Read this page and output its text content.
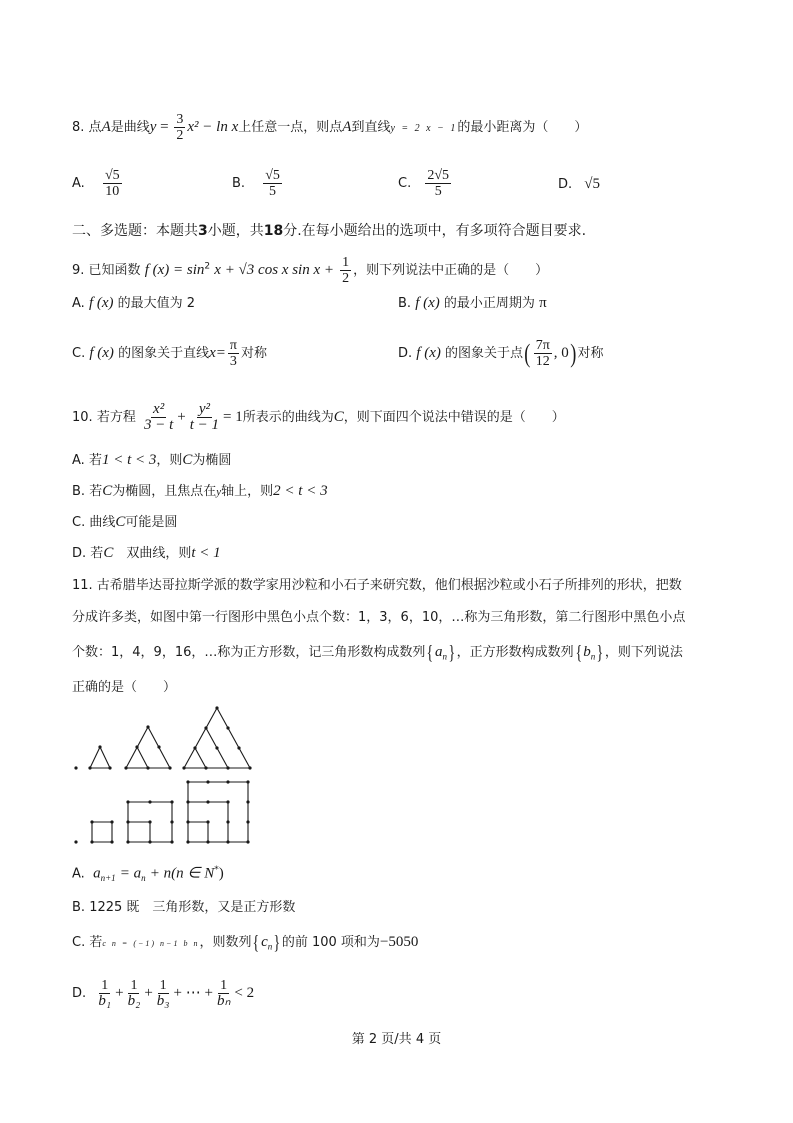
8. 点A是曲线$y = \frac{3}{2} x^2 - \ln x$上任意一点，则点A到直线y = 2 x − 1的最小距离为（　　）
A. $\frac{√5}{10}$	B. $\frac{√5}{5}$	C. $\frac{2√5}{5}$	D. √5
二、多选题：本题共3小题，共18分.在每小题给出的选项中，有多项符合题目要求.
9. 已知函数 f $(x) = \sin^2 x + √3$ cos x $\sin x + \frac{1}{2}$ ，则下列说法中正确的是（　　）
A. f (x) 的最大值为 2	B. f (x) 的最小正周期为 π
C. f (x) 的图象关于直线$x= \frac{\pi}{3}$ 对称	D. f (x) 的图象关于点( $\frac{7\pi}{12}$ , 0)对称
10. 若方程 $\frac{\text{x²}}{3 - t} + \frac{\text{y²}}{t - 1} = 1$所表示的曲线为C，则下面四个说法中错误的是（　　）
A. 若1 < t < 3，则C为椭圆
B. 若C为椭圆，且焦点在y轴上，则2 < t < 3
C. 曲线C可能是圆
D. 若C　双曲线，则t < 1
11. 古希腊毕达哥拉斯学派的数学家用沙粒和小石子来研究数，他们根据沙粒或小石子所排列的形状，把数
分成许多类，如图中第一行图形中黑色小点个数：1，3，6，10，…称为三角形数，第二行图形中黑色小点
个数：1，4，9，16，…称为正方形数，记三角形数构成数列$\{a_n\}$，正方形数构成数列$\{b_n\}$，则下列说法
正确的是（　　）
A. $a_{n+1} = a_n + n(n$ ∈ N*)
B. 1225 既　三角形数，又是正方形数
C. 若c n = (−1) n−1 b n，则数列$\{c_n\}$的前 100 项和为−5050
D. $\frac{1}{\text{b₁}} + \frac{1}{\text{b₂}} + \frac{1}{\text{b₃}}$ + ⋯ + $\frac{1}{\text{bₙ}} < 2$
第 2 页/共 4 页
